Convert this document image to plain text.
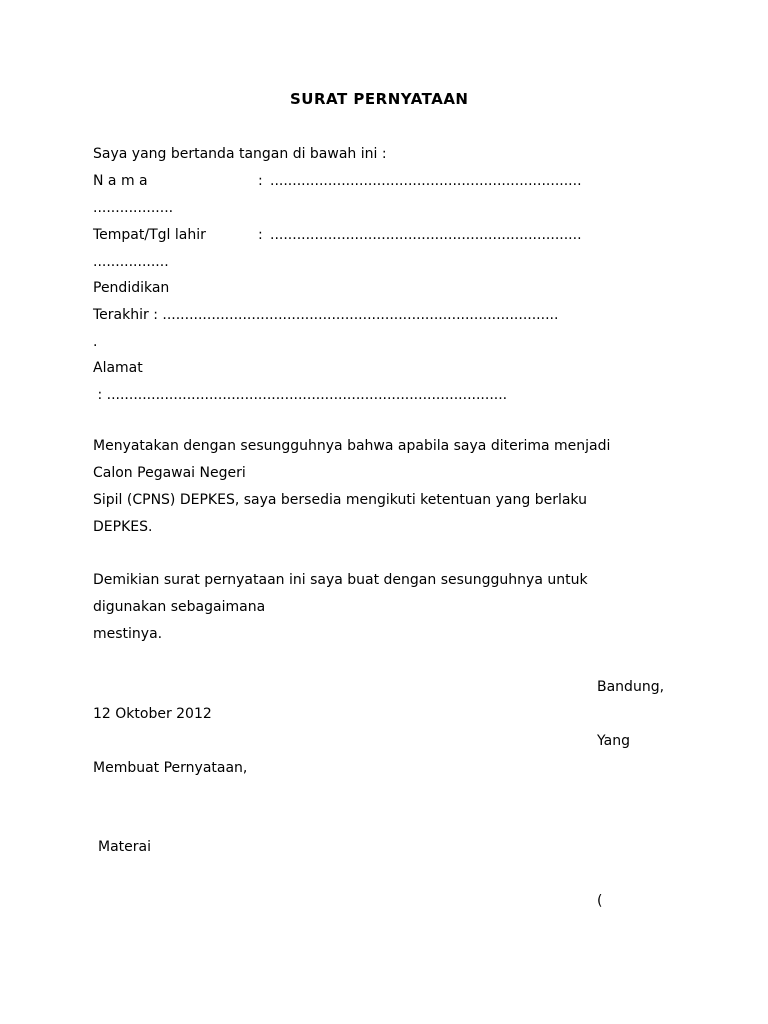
SURAT PERNYATAAN
Saya yang bertanda tangan di bawah ini :
N a m a	: ......................................................................
..................
Tempat/Tgl lahir	: ......................................................................
.................
Pendidikan
Terakhir : .........................................................................................
.
Alamat
: ..........................................................................................
Menyatakan dengan sesungguhnya bahwa apabila saya diterima menjadi
Calon Pegawai Negeri
Sipil (CPNS) DEPKES, saya bersedia mengikuti ketentuan yang berlaku
DEPKES.
Demikian surat pernyataan ini saya buat dengan sesungguhnya untuk
digunakan sebagaimana
mestinya.
Bandung,
12 Oktober 2012
Yang
Membuat Pernyataan,
Materai
(
